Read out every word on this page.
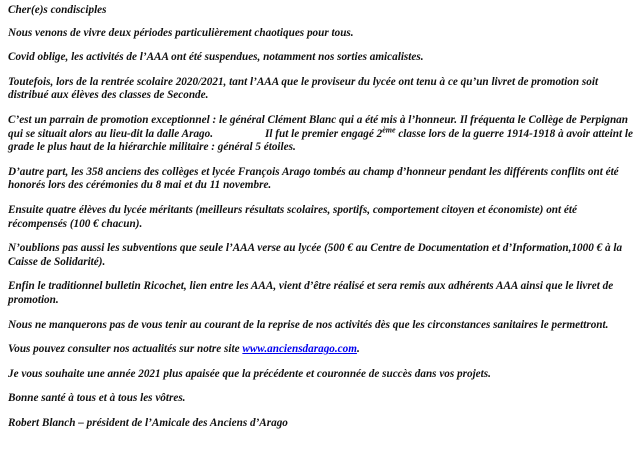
Cher(e)s condisciples

Nous venons de vivre deux périodes particulièrement chaotiques pour tous.

Covid oblige, les activités de l’AAA ont été suspendues, notamment nos sorties amicalistes.

Toutefois, lors de la rentrée scolaire 2020/2021, tant l’AAA que le proviseur du lycée ont tenu à ce qu’un livret de promotion soit distribué aux élèves des classes de Seconde.

C’est un parrain de promotion exceptionnel : le général Clément Blanc qui a été mis à l’honneur. Il fréquenta le Collège de Perpignan qui se situait alors au lieu-dit la dalle Arago.	Il fut le premier engagé 2ème classe lors de la guerre 1914-1918 à avoir atteint le grade le plus haut de la hiérarchie militaire : général 5 étoiles.

D’autre part, les 358 anciens des collèges et lycée François Arago tombés au champ d’honneur pendant les différents conflits ont été honorés lors des cérémonies du 8 mai et du 11 novembre.

Ensuite quatre élèves du lycée méritants (meilleurs résultats scolaires, sportifs, comportement citoyen et économiste) ont été récompensés (100 € chacun).

N’oublions pas aussi les subventions que seule l’AAA verse au lycée (500 € au Centre de Documentation et d’Information,1000 € à la Caisse de Solidarité).

Enfin le traditionnel bulletin Ricochet, lien entre les AAA, vient d’être réalisé et sera remis aux adhérents AAA ainsi que le livret de promotion.

Nous ne manquerons pas de vous tenir au courant de la reprise de nos activités dès que les circonstances sanitaires le permettront.

Vous pouvez consulter nos actualités sur notre site www.anciensdarago.com.

Je vous souhaite une année 2021 plus apaisée que la précédente et couronnée de succès dans vos projets.

Bonne santé à tous et à tous les vôtres.

Robert Blanch – président de l’Amicale des Anciens d’Arago
